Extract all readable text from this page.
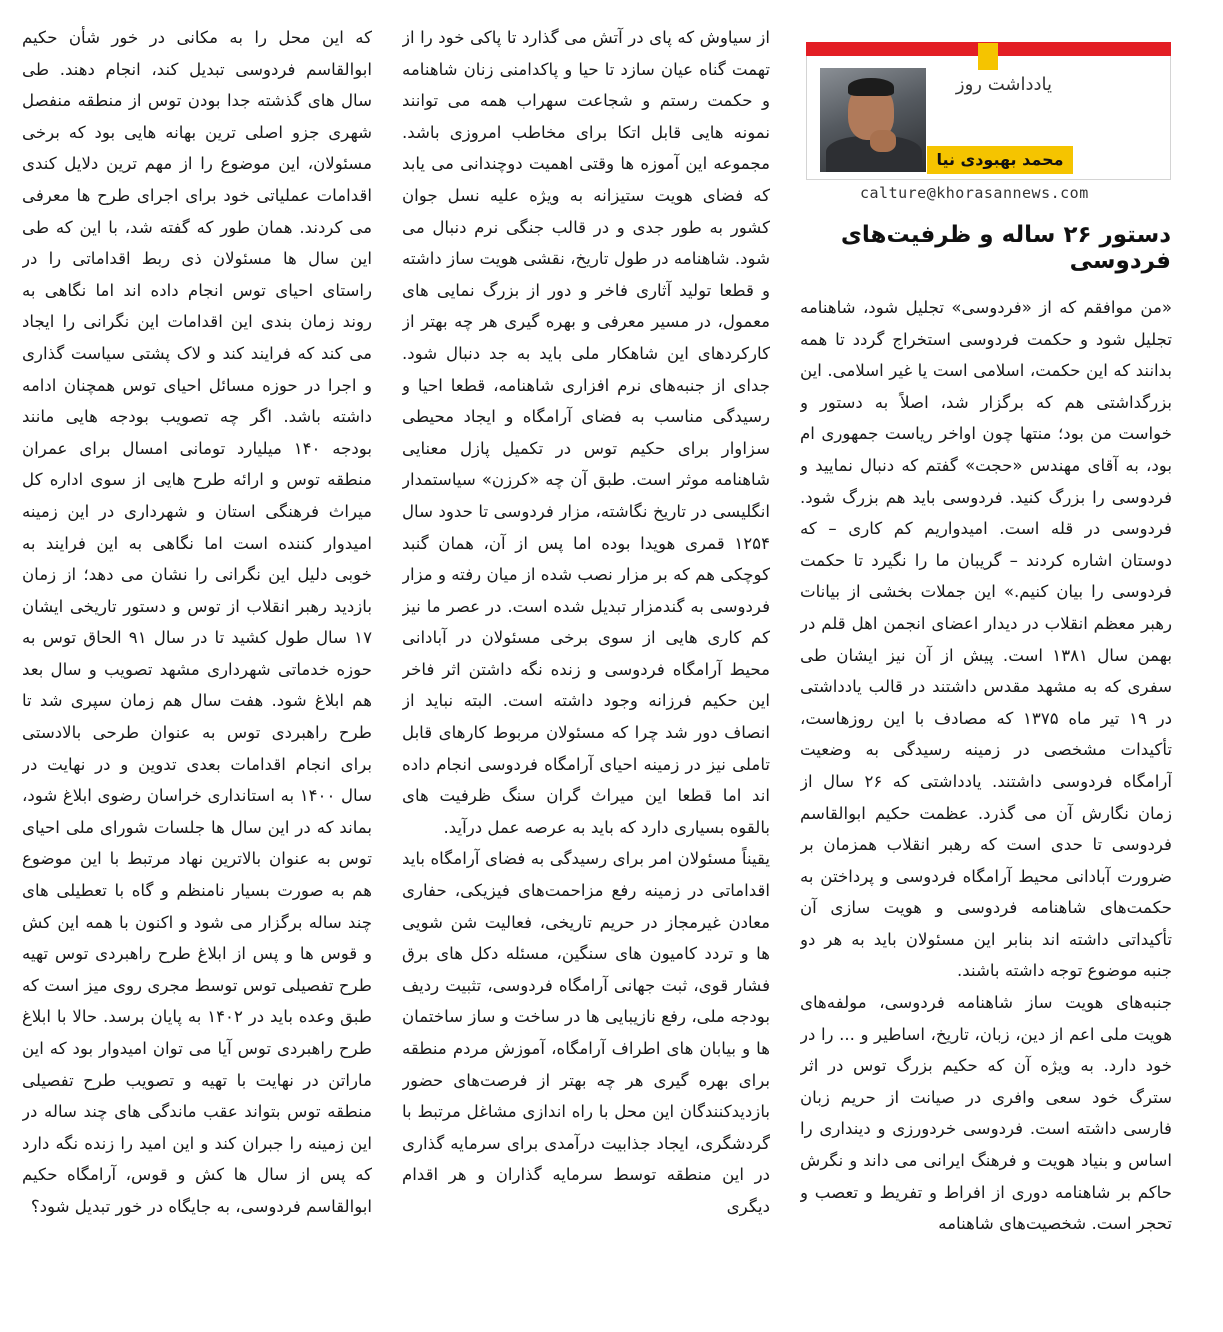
یادداشت روز
محمد بهبودی نیا
calture@khorasannews.com
دستور ۲۶ ساله و ظرفیت‌های فردوسی
«من موافقم که از «فردوسی» تجلیل شود، شاهنامه تجلیل شود و حکمت فردوسی استخراج گردد تا همه بدانند که این حکمت، اسلامی است یا غیر اسلامی. این بزرگداشتی هم که برگزار شد، اصلاً به دستور و خواست من بود؛ منتها چون اواخر ریاست جمهوری ام بود، به آقای مهندس «حجت» گفتم که دنبال نمایید و فردوسی را بزرگ کنید. فردوسی باید هم بزرگ شود. فردوسی در قله است. امیدواریم کم کاری – که دوستان اشاره کردند – گریبان ما را نگیرد تا حکمت فردوسی را بیان کنیم.» این جملات بخشی از بیانات رهبر معظم انقلاب در دیدار اعضای انجمن اهل قلم در بهمن سال ۱۳۸۱ است. پیش از آن نیز ایشان طی سفری که به مشهد مقدس داشتند در قالب یادداشتی در ۱۹ تیر ماه ۱۳۷۵ که مصادف با این روزهاست، تأکیدات مشخصی در زمینه رسیدگی به وضعیت آرامگاه فردوسی داشتند. یادداشتی که ۲۶ سال از زمان نگارش آن می گذرد. عظمت حکیم ابوالقاسم فردوسی تا حدی است که رهبر انقلاب همزمان بر ضرورت آبادانی محیط آرامگاه فردوسی و پرداختن به حکمت‌های شاهنامه فردوسی و هویت سازی آن تأکیداتی داشته اند بنابر این مسئولان باید به هر دو جنبه موضوع توجه داشته باشند.
جنبه‌های هویت ساز شاهنامه فردوسی، مولفه‌های هویت ملی اعم از دین، زبان، تاریخ، اساطیر و ... را در خود دارد. به ویژه آن که حکیم بزرگ توس در اثر سترگ خود سعی وافری در صیانت از حریم زبان فارسی داشته است. فردوسی خردورزی و دینداری را اساس و بنیاد هویت و فرهنگ ایرانی می داند و نگرش حاکم بر شاهنامه دوری از افراط و تفریط و تعصب و تحجر است. شخصیت‌های شاهنامه
از سیاوش که پای در آتش می گذارد تا پاکی خود را از تهمت گناه عیان سازد تا حیا و پاکدامنی زنان شاهنامه و حکمت رستم و شجاعت سهراب همه می توانند نمونه هایی قابل اتکا برای مخاطب امروزی باشد. مجموعه این آموزه ها وقتی اهمیت دوچندانی می یابد که فضای هویت ستیزانه به ویژه علیه نسل جوان کشور به طور جدی و در قالب جنگی نرم دنبال می شود. شاهنامه در طول تاریخ، نقشی هویت ساز داشته و قطعا تولید آثاری فاخر و دور از بزرگ نمایی های معمول، در مسیر معرفی و بهره گیری هر چه بهتر از کارکردهای این شاهکار ملی باید به جد دنبال شود. جدای از جنبه‌های نرم افزاری شاهنامه، قطعا احیا و رسیدگی مناسب به فضای آرامگاه و ایجاد محیطی سزاوار برای حکیم توس در تکمیل پازل معنایی شاهنامه موثر است. طبق آن چه «کرزن» سیاستمدار انگلیسی در تاریخ نگاشته، مزار فردوسی تا حدود سال ۱۲۵۴ قمری هویدا بوده اما پس از آن، همان گنبد کوچکی هم که بر مزار نصب شده از میان رفته و مزار فردوسی به گندمزار تبدیل شده است. در عصر ما نیز کم کاری هایی از سوی برخی مسئولان در آبادانی محیط آرامگاه فردوسی و زنده نگه داشتن اثر فاخر این حکیم فرزانه وجود داشته است. البته نباید از انصاف دور شد چرا که مسئولان مربوط کارهای قابل تاملی نیز در زمینه احیای آرامگاه فردوسی انجام داده اند اما قطعا این میراث گران سنگ ظرفیت های بالقوه بسیاری دارد که باید به عرصه عمل درآید.
یقیناً مسئولان امر برای رسیدگی به فضای آرامگاه باید اقداماتی در زمینه رفع مزاحمت‌های فیزیکی، حفاری معادن غیرمجاز در حریم تاریخی، فعالیت شن شویی ها و تردد کامیون های سنگین، مسئله دکل های برق فشار قوی، ثبت جهانی آرامگاه فردوسی، تثبیت ردیف بودجه ملی، رفع نازیبایی ها در ساخت و ساز ساختمان ها و بیابان های اطراف آرامگاه، آموزش مردم منطقه برای بهره گیری هر چه بهتر از فرصت‌های حضور بازدیدکنندگان این محل با راه اندازی مشاغل مرتبط با گردشگری، ایجاد جذابیت درآمدی برای سرمایه گذاری در این منطقه توسط سرمایه گذاران و هر اقدام دیگری
که این محل را به مکانی در خور شأن حکیم ابوالقاسم فردوسی تبدیل کند، انجام دهند. طی سال های گذشته جدا بودن توس از منطقه منفصل شهری جزو اصلی ترین بهانه هایی بود که برخی مسئولان، این موضوع را از مهم ترین دلایل کندی اقدامات عملیاتی خود برای اجرای طرح ها معرفی می کردند. همان طور که گفته شد، با این که طی این سال ها مسئولان ذی ربط اقداماتی را در راستای احیای توس انجام داده اند اما نگاهی به روند زمان بندی این اقدامات این نگرانی را ایجاد می کند که فرایند کند و لاک پشتی سیاست گذاری و اجرا در حوزه مسائل احیای توس همچنان ادامه داشته باشد. اگر چه تصویب بودجه هایی مانند بودجه ۱۴۰ میلیارد تومانی امسال برای عمران منطقه توس و ارائه طرح هایی از سوی اداره کل میراث فرهنگی استان و شهرداری در این زمینه امیدوار کننده است اما نگاهی به این فرایند به خوبی دلیل این نگرانی را نشان می دهد؛ از زمان بازدید رهبر انقلاب از توس و دستور تاریخی ایشان ۱۷ سال طول کشید تا در سال ۹۱ الحاق توس به حوزه خدماتی شهرداری مشهد تصویب و سال بعد هم ابلاغ شود. هفت سال هم زمان سپری شد تا طرح راهبردی توس به عنوان طرحی بالادستی برای انجام اقدامات بعدی تدوین و در نهایت در سال ۱۴۰۰ به استانداری خراسان رضوی ابلاغ شود، بماند که در این سال ها جلسات شورای ملی احیای توس به عنوان بالاترین نهاد مرتبط با این موضوع هم به صورت بسیار نامنظم و گاه با تعطیلی های چند ساله برگزار می شود و اکنون با همه این کش و قوس ها و پس از ابلاغ طرح راهبردی توس تهیه طرح تفصیلی توس توسط مجری روی میز است که طبق وعده باید در ۱۴۰۲ به پایان برسد. حالا با ابلاغ طرح راهبردی توس آیا می توان امیدوار بود که این ماراتن در نهایت با تهیه و تصویب طرح تفصیلی منطقه توس بتواند عقب ماندگی های چند ساله در این زمینه را جبران کند و این امید را زنده نگه دارد که پس از سال ها کش و قوس، آرامگاه حکیم ابوالقاسم فردوسی، به جایگاه در خور تبدیل شود؟
